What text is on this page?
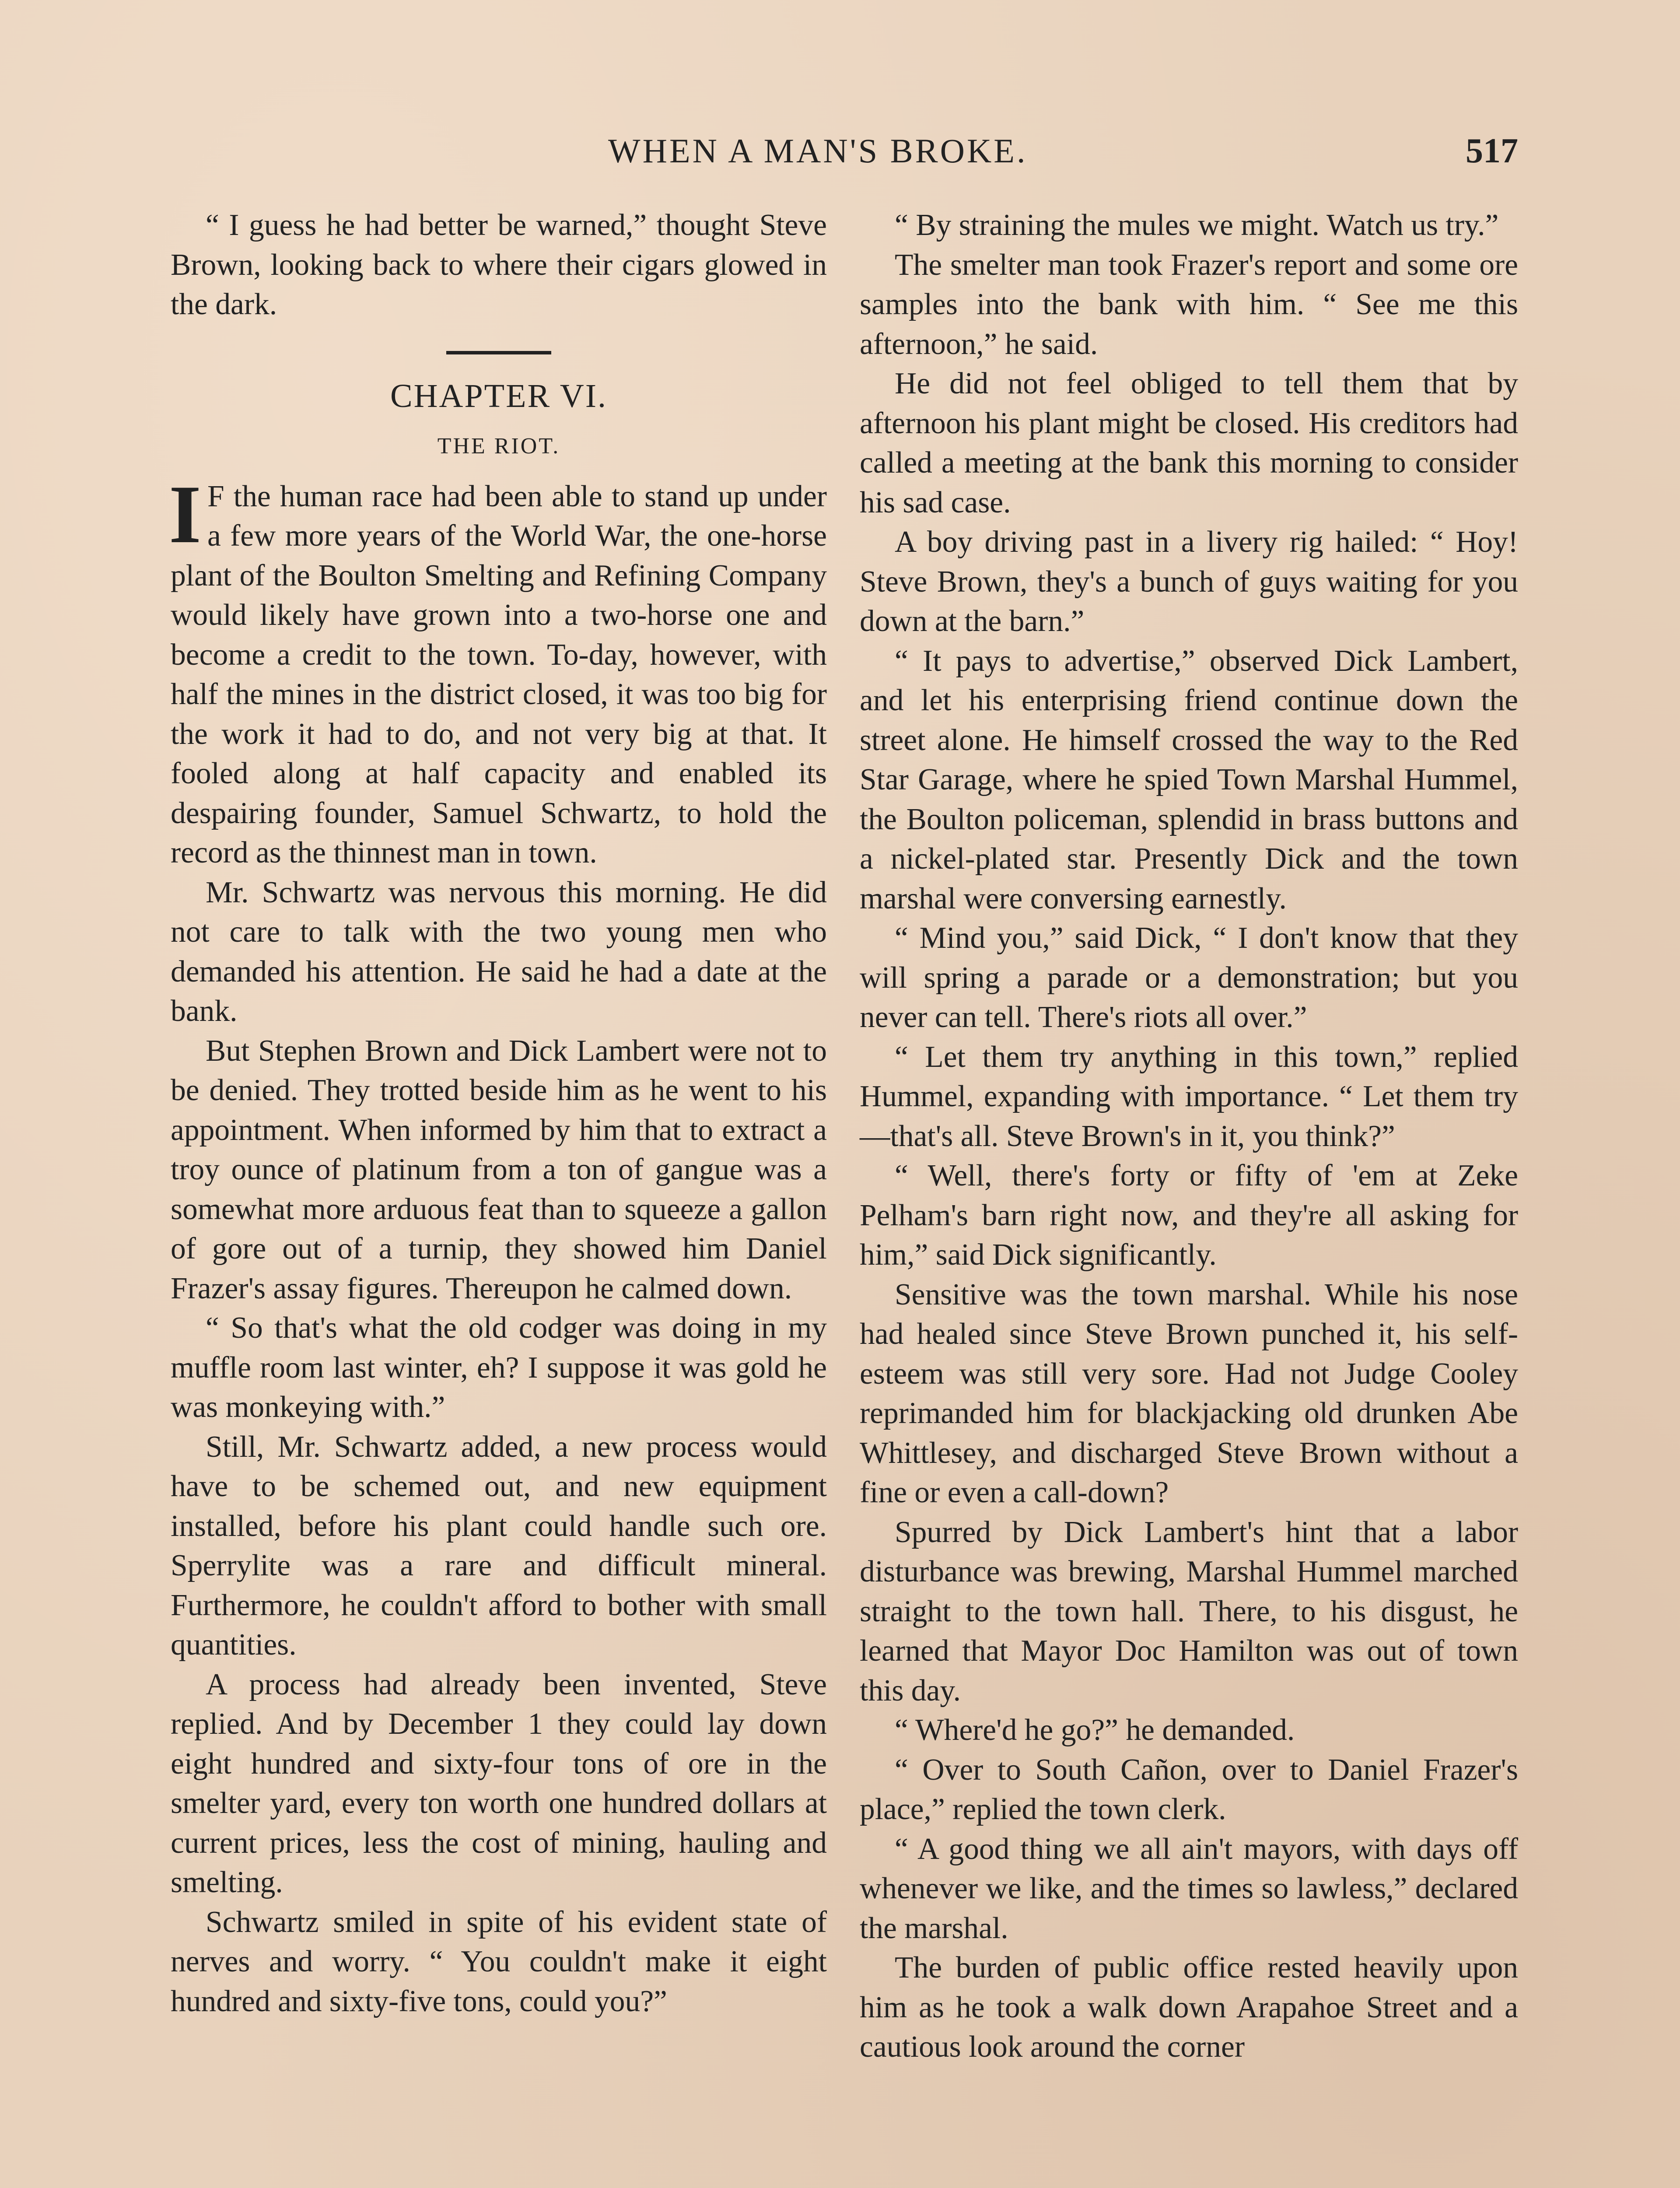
WHEN A MAN'S BROKE.	517

“ I guess he had better be warned,” thought Steve Brown, looking back to where their cigars glowed in the dark.

CHAPTER VI.
THE RIOT.

I F the human race had been able to stand up under a few more years of the World War, the one-horse plant of the Boulton Smelting and Refining Company would likely have grown into a two-horse one and become a credit to the town. To-day, however, with half the mines in the district closed, it was too big for the work it had to do, and not very big at that. It fooled along at half capacity and enabled its despairing founder, Samuel Schwartz, to hold the record as the thinnest man in town.

Mr. Schwartz was nervous this morning. He did not care to talk with the two young men who demanded his attention. He said he had a date at the bank.

But Stephen Brown and Dick Lambert were not to be denied. They trotted beside him as he went to his appointment. When informed by him that to extract a troy ounce of platinum from a ton of gangue was a somewhat more arduous feat than to squeeze a gallon of gore out of a turnip, they showed him Daniel Frazer's assay figures. Thereupon he calmed down.

“ So that's what the old codger was doing in my muffle room last winter, eh? I suppose it was gold he was monkeying with.”

Still, Mr. Schwartz added, a new process would have to be schemed out, and new equipment installed, before his plant could handle such ore. Sperrylite was a rare and difficult mineral. Furthermore, he couldn't afford to bother with small quantities.

A process had already been invented, Steve replied. And by December 1 they could lay down eight hundred and sixty-four tons of ore in the smelter yard, every ton worth one hundred dollars at current prices, less the cost of mining, hauling and smelting.

Schwartz smiled in spite of his evident state of nerves and worry. “ You couldn't make it eight hundred and sixty-five tons, could you?”

“ By straining the mules we might. Watch us try.”

The smelter man took Frazer's report and some ore samples into the bank with him. “ See me this afternoon,” he said.

He did not feel obliged to tell them that by afternoon his plant might be closed. His creditors had called a meeting at the bank this morning to consider his sad case.

A boy driving past in a livery rig hailed: “ Hoy! Steve Brown, they's a bunch of guys waiting for you down at the barn.”

“ It pays to advertise,” observed Dick Lambert, and let his enterprising friend continue down the street alone. He himself crossed the way to the Red Star Garage, where he spied Town Marshal Hummel, the Boulton policeman, splendid in brass buttons and a nickel-plated star. Presently Dick and the town marshal were conversing earnestly.

“ Mind you,” said Dick, “ I don't know that they will spring a parade or a demonstration; but you never can tell. There's riots all over.”

“ Let them try anything in this town,” replied Hummel, expanding with importance. “ Let them try—that's all. Steve Brown's in it, you think?”

“ Well, there's forty or fifty of 'em at Zeke Pelham's barn right now, and they're all asking for him,” said Dick significantly.

Sensitive was the town marshal. While his nose had healed since Steve Brown punched it, his self-esteem was still very sore. Had not Judge Cooley reprimanded him for blackjacking old drunken Abe Whittlesey, and discharged Steve Brown without a fine or even a call-down?

Spurred by Dick Lambert's hint that a labor disturbance was brewing, Marshal Hummel marched straight to the town hall. There, to his disgust, he learned that Mayor Doc Hamilton was out of town this day.

“ Where'd he go?” he demanded.

“ Over to South Cañon, over to Daniel Frazer's place,” replied the town clerk.

“ A good thing we all ain't mayors, with days off whenever we like, and the times so lawless,” declared the marshal.

The burden of public office rested heavily upon him as he took a walk down Arapahoe Street and a cautious look around the corner
